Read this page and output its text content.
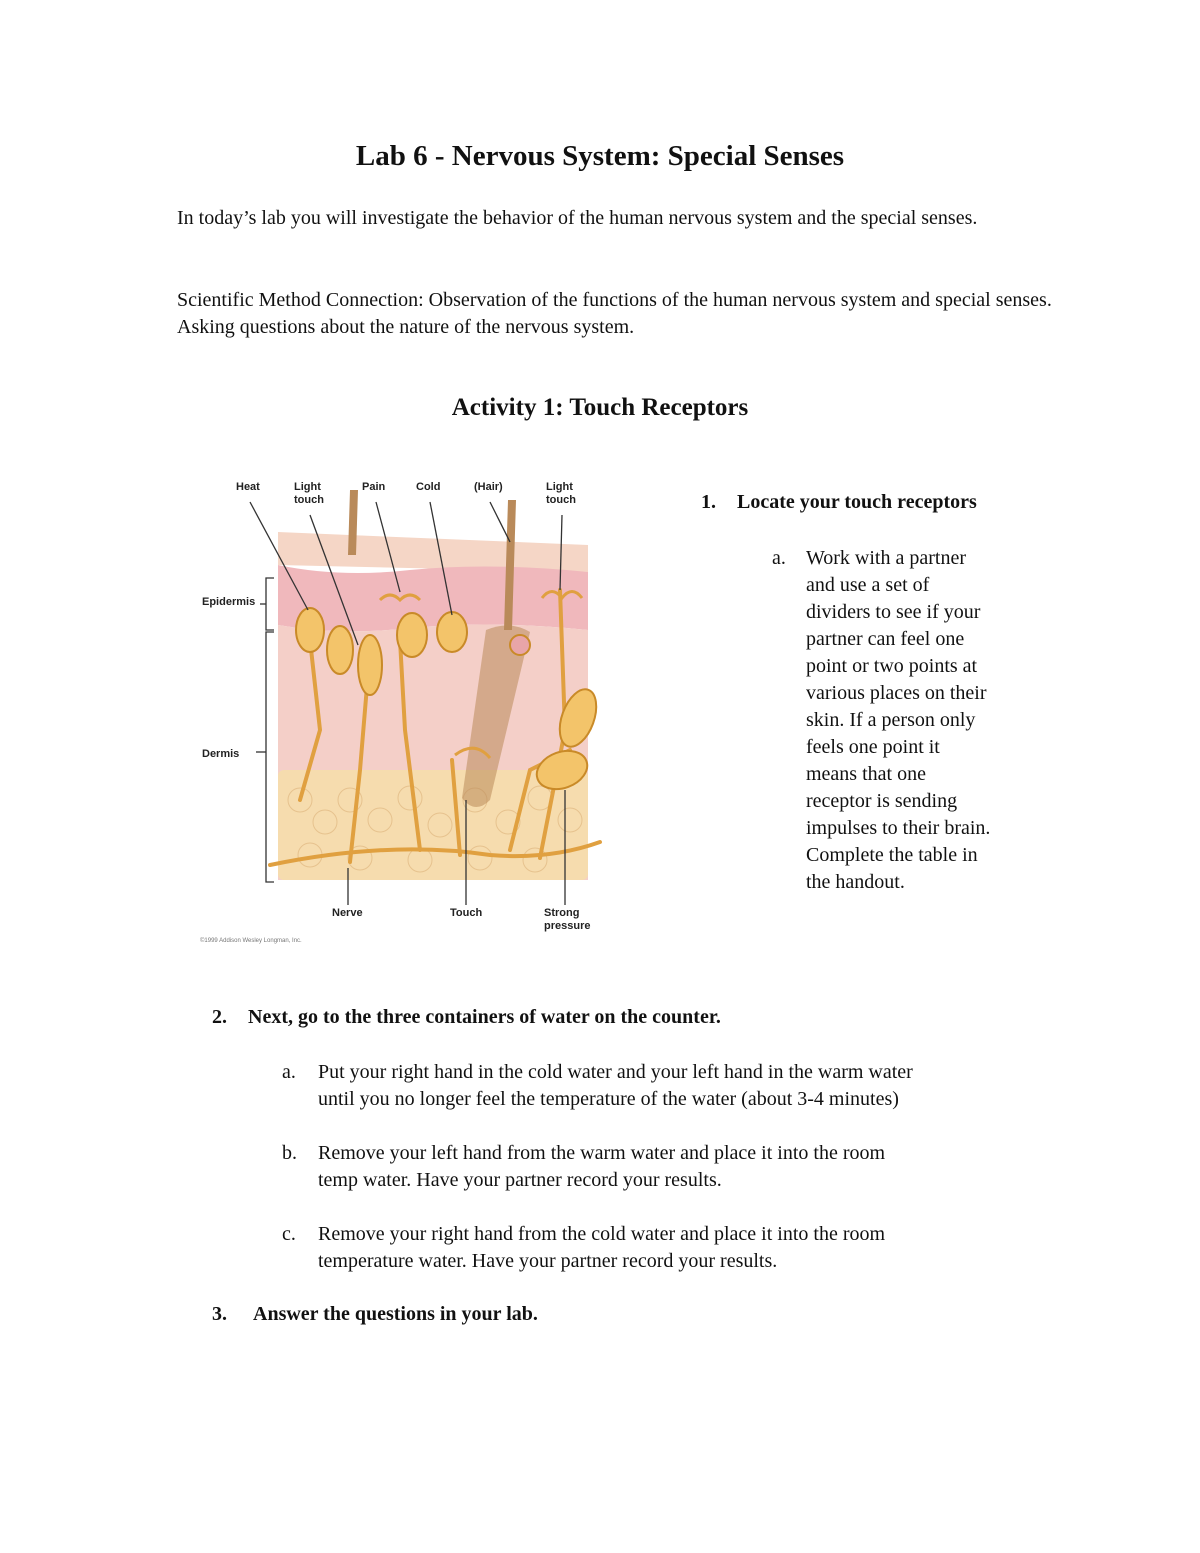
Lab 6 - Nervous System: Special Senses

In today’s lab you will investigate the behavior of the human nervous system and the special senses.

Scientific Method Connection: Observation of the functions of the human nervous system and special senses. Asking questions about the nature of the nervous system.

Activity 1: Touch Receptors
Heat	Light
touch
Pain	Cold	(Hair)	Light
touch
Epidermis
Dermis
Nerve	Touch	Strong
pressure
©1999 Addison Wesley Longman, Inc.
1. Locate your touch receptors
a. Work with a partner
and use a set of
dividers to see if your
partner can feel one
point or two points at
various places on their
skin. If a person only
feels one point it
means that one
receptor is sending
impulses to their brain.
Complete the table in
the handout.
2. Next, go to the three containers of water on the counter.
a. Put your right hand in the cold water and your left hand in the warm water
until you no longer feel the temperature of the water (about 3-4 minutes)
b. Remove your left hand from the warm water and place it into the room
temp water. Have your partner record your results.
c. Remove your right hand from the cold water and place it into the room
temperature water. Have your partner record your results.
3. Answer the questions in your lab.
